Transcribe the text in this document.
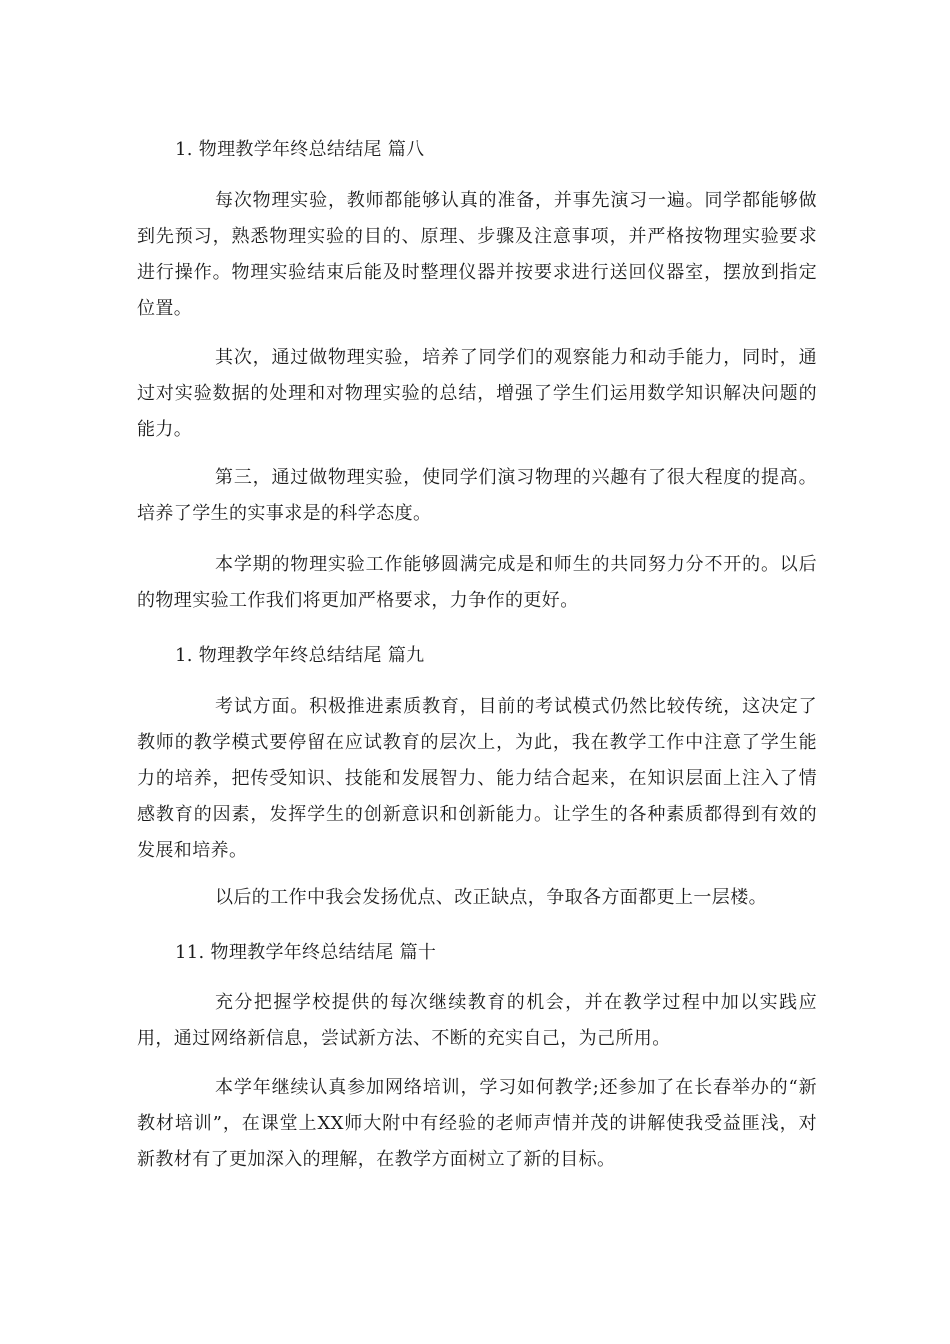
1. 物理教学年终总结结尾 篇八
每次物理实验，教师都能够认真的准备，并事先演习一遍。同学都能够做到先预习，熟悉物理实验的目的、原理、步骤及注意事项，并严格按物理实验要求进行操作。物理实验结束后能及时整理仪器并按要求进行送回仪器室，摆放到指定位置。
其次，通过做物理实验，培养了同学们的观察能力和动手能力，同时，通过对实验数据的处理和对物理实验的总结，增强了学生们运用数学知识解决问题的能力。
第三，通过做物理实验，使同学们演习物理的兴趣有了很大程度的提高。培养了学生的实事求是的科学态度。
本学期的物理实验工作能够圆满完成是和师生的共同努力分不开的。以后的物理实验工作我们将更加严格要求，力争作的更好。
1. 物理教学年终总结结尾 篇九
考试方面。积极推进素质教育，目前的考试模式仍然比较传统，这决定了教师的教学模式要停留在应试教育的层次上，为此，我在教学工作中注意了学生能力的培养，把传受知识、技能和发展智力、能力结合起来，在知识层面上注入了情感教育的因素，发挥学生的创新意识和创新能力。让学生的各种素质都得到有效的发展和培养。
以后的工作中我会发扬优点、改正缺点，争取各方面都更上一层楼。
11. 物理教学年终总结结尾 篇十
充分把握学校提供的每次继续教育的机会，并在教学过程中加以实践应用，通过网络新信息，尝试新方法、不断的充实自己，为己所用。
本学年继续认真参加网络培训，学习如何教学;还参加了在长春举办的“新教材培训”，在课堂上XX师大附中有经验的老师声情并茂的讲解使我受益匪浅，对新教材有了更加深入的理解，在教学方面树立了新的目标。
